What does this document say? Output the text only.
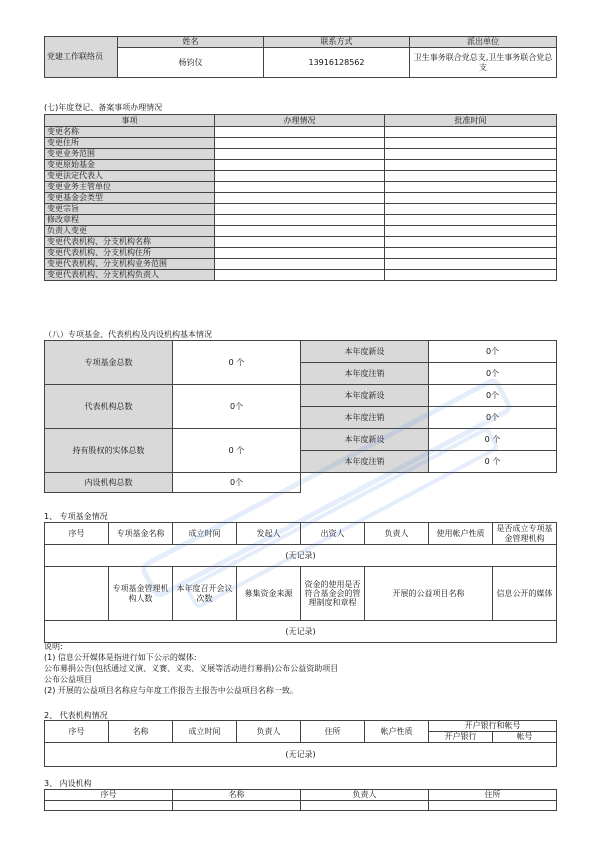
党建工作联络员	姓名	联系方式	派出单位
	杨钧仪	13916128562	卫生事务联合党总支,卫生事务联合党总支
(七)年度登记、备案事项办理情况
事项	办理情况	批准时间
变更名称		
变更住所		
变更业务范围		
变更原始基金		
变更法定代表人		
变更业务主管单位		
变更基金会类型		
变更宗旨		
修改章程		
负责人变更		
变更代表机构、分支机构名称		
变更代表机构、分支机构住所		
变更代表机构、分支机构业务范围		
变更代表机构、分支机构负责人		
（八）专项基金、代表机构及内设机构基本情况
专项基金总数	0 个	本年度新设	0个
		本年度注销	0个
代表机构总数	0个	本年度新设	0个
		本年度注销	0个
持有股权的实体总数	0 个	本年度新设	0 个
		本年度注销	0 个
内设机构总数	0个		
1、 专项基金情况
序号	专项基金名称	成立时间	发起人	出资人	负责人	使用帐户性质	是否成立专项基金管理机构
(无记录)							
	专项基金管理机构人数	本年度召开会议次数	募集资金来源	资金的使用是否符合基金会的管理制度和章程	开展的公益项目名称		信息公开的媒体
(无记录)							
说明:
(1) 信息公开媒体是指进行如下公示的媒体:
公布募捐公告(包括通过义演、义赛、义卖、义展等活动进行募捐)公布公益资助项目
公布公益项目
(2) 开展的公益项目名称应与年度工作报告主报告中公益项目名称一致。
2、 代表机构情况
序号	名称	成立时间	负责人	住所	帐户性质	开户银行和帐号	
						开户银行	帐号
(无记录)							
3、 内设机构
序号	名称	负责人	住所
